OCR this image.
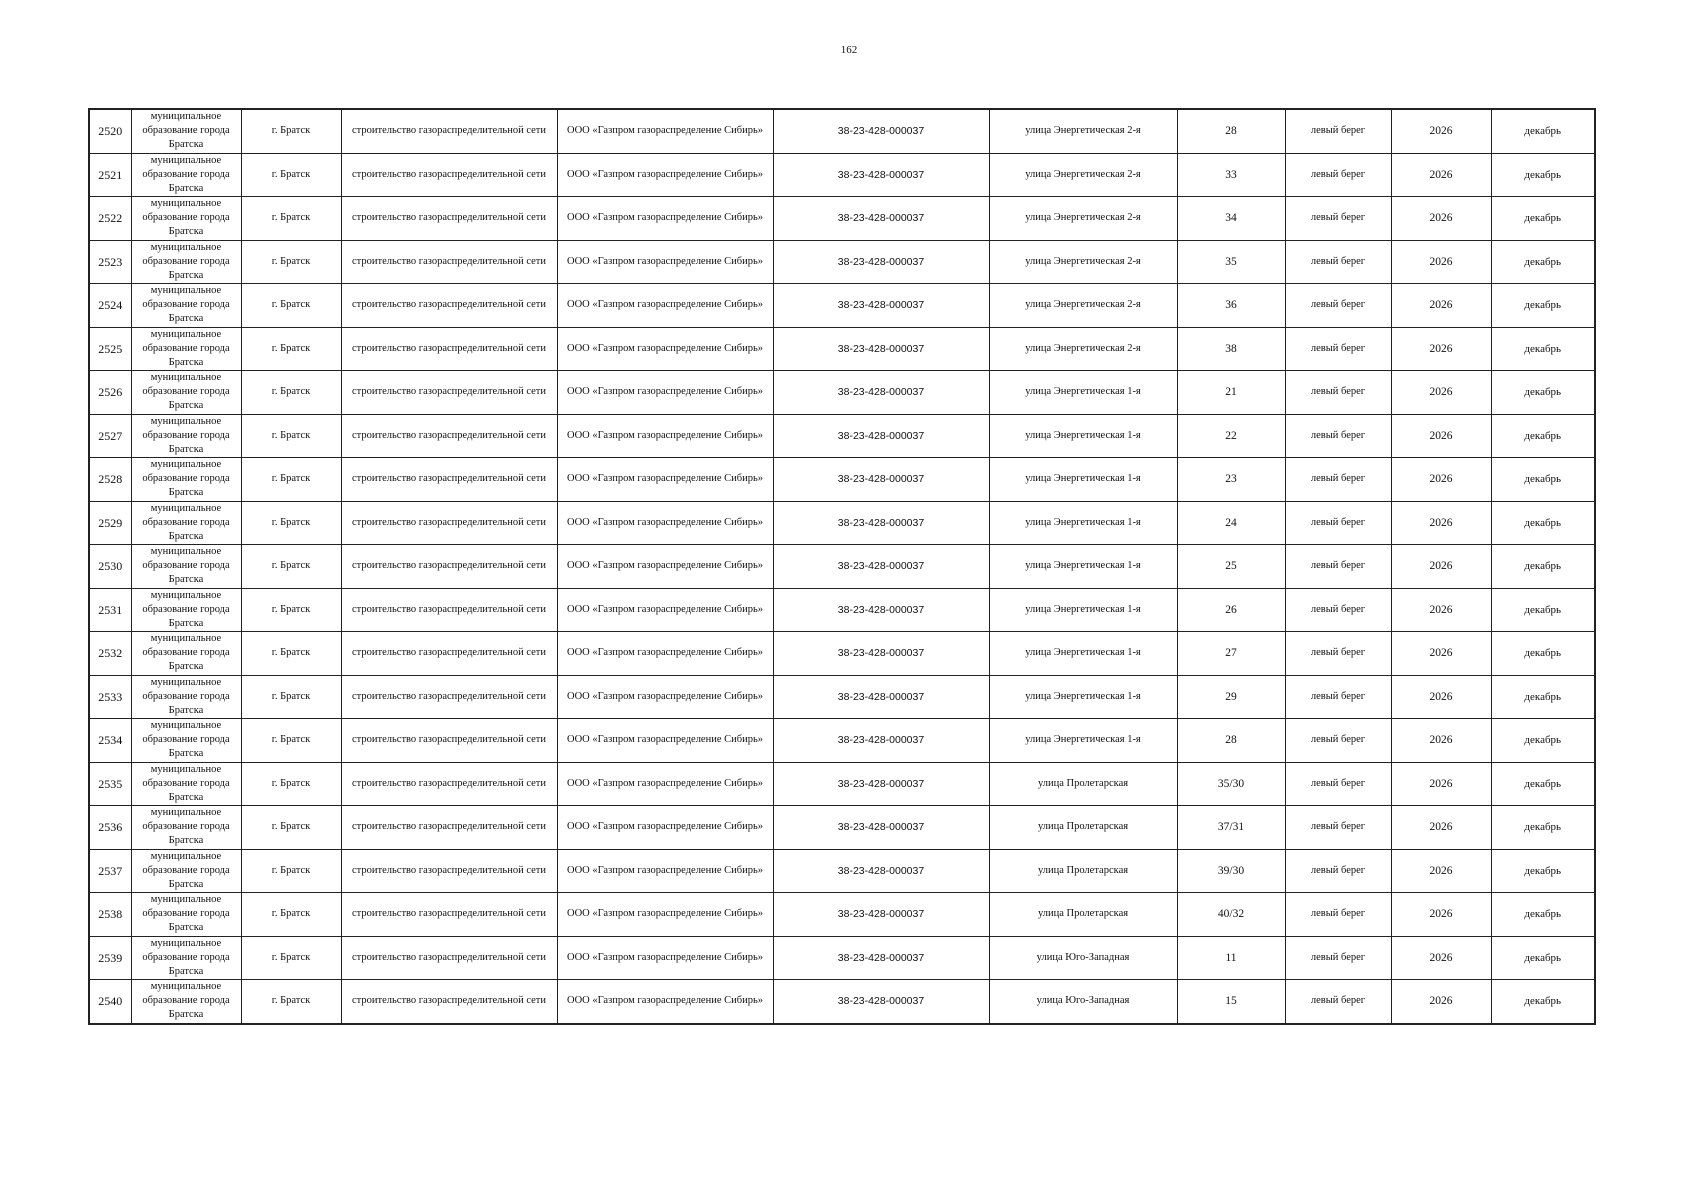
162
2520	муниципальное образование города Братска	г. Братск	строительство газораспределительной сети	ООО «Газпром газораспределение Сибирь»	38-23-428-000037	улица Энергетическая 2-я	28	левый берег	2026	декабрь
2521	муниципальное образование города Братска	г. Братск	строительство газораспределительной сети	ООО «Газпром газораспределение Сибирь»	38-23-428-000037	улица Энергетическая 2-я	33	левый берег	2026	декабрь
2522	муниципальное образование города Братска	г. Братск	строительство газораспределительной сети	ООО «Газпром газораспределение Сибирь»	38-23-428-000037	улица Энергетическая 2-я	34	левый берег	2026	декабрь
2523	муниципальное образование города Братска	г. Братск	строительство газораспределительной сети	ООО «Газпром газораспределение Сибирь»	38-23-428-000037	улица Энергетическая 2-я	35	левый берег	2026	декабрь
2524	муниципальное образование города Братска	г. Братск	строительство газораспределительной сети	ООО «Газпром газораспределение Сибирь»	38-23-428-000037	улица Энергетическая 2-я	36	левый берег	2026	декабрь
2525	муниципальное образование города Братска	г. Братск	строительство газораспределительной сети	ООО «Газпром газораспределение Сибирь»	38-23-428-000037	улица Энергетическая 2-я	38	левый берег	2026	декабрь
2526	муниципальное образование города Братска	г. Братск	строительство газораспределительной сети	ООО «Газпром газораспределение Сибирь»	38-23-428-000037	улица Энергетическая 1-я	21	левый берег	2026	декабрь
2527	муниципальное образование города Братска	г. Братск	строительство газораспределительной сети	ООО «Газпром газораспределение Сибирь»	38-23-428-000037	улица Энергетическая 1-я	22	левый берег	2026	декабрь
2528	муниципальное образование города Братска	г. Братск	строительство газораспределительной сети	ООО «Газпром газораспределение Сибирь»	38-23-428-000037	улица Энергетическая 1-я	23	левый берег	2026	декабрь
2529	муниципальное образование города Братска	г. Братск	строительство газораспределительной сети	ООО «Газпром газораспределение Сибирь»	38-23-428-000037	улица Энергетическая 1-я	24	левый берег	2026	декабрь
2530	муниципальное образование города Братска	г. Братск	строительство газораспределительной сети	ООО «Газпром газораспределение Сибирь»	38-23-428-000037	улица Энергетическая 1-я	25	левый берег	2026	декабрь
2531	муниципальное образование города Братска	г. Братск	строительство газораспределительной сети	ООО «Газпром газораспределение Сибирь»	38-23-428-000037	улица Энергетическая 1-я	26	левый берег	2026	декабрь
2532	муниципальное образование города Братска	г. Братск	строительство газораспределительной сети	ООО «Газпром газораспределение Сибирь»	38-23-428-000037	улица Энергетическая 1-я	27	левый берег	2026	декабрь
2533	муниципальное образование города Братска	г. Братск	строительство газораспределительной сети	ООО «Газпром газораспределение Сибирь»	38-23-428-000037	улица Энергетическая 1-я	29	левый берег	2026	декабрь
2534	муниципальное образование города Братска	г. Братск	строительство газораспределительной сети	ООО «Газпром газораспределение Сибирь»	38-23-428-000037	улица Энергетическая 1-я	28	левый берег	2026	декабрь
2535	муниципальное образование города Братска	г. Братск	строительство газораспределительной сети	ООО «Газпром газораспределение Сибирь»	38-23-428-000037	улица Пролетарская	35/30	левый берег	2026	декабрь
2536	муниципальное образование города Братска	г. Братск	строительство газораспределительной сети	ООО «Газпром газораспределение Сибирь»	38-23-428-000037	улица Пролетарская	37/31	левый берег	2026	декабрь
2537	муниципальное образование города Братска	г. Братск	строительство газораспределительной сети	ООО «Газпром газораспределение Сибирь»	38-23-428-000037	улица Пролетарская	39/30	левый берег	2026	декабрь
2538	муниципальное образование города Братска	г. Братск	строительство газораспределительной сети	ООО «Газпром газораспределение Сибирь»	38-23-428-000037	улица Пролетарская	40/32	левый берег	2026	декабрь
2539	муниципальное образование города Братска	г. Братск	строительство газораспределительной сети	ООО «Газпром газораспределение Сибирь»	38-23-428-000037	улица Юго-Западная	11	левый берег	2026	декабрь
2540	муниципальное образование города Братска	г. Братск	строительство газораспределительной сети	ООО «Газпром газораспределение Сибирь»	38-23-428-000037	улица Юго-Западная	15	левый берег	2026	декабрь
